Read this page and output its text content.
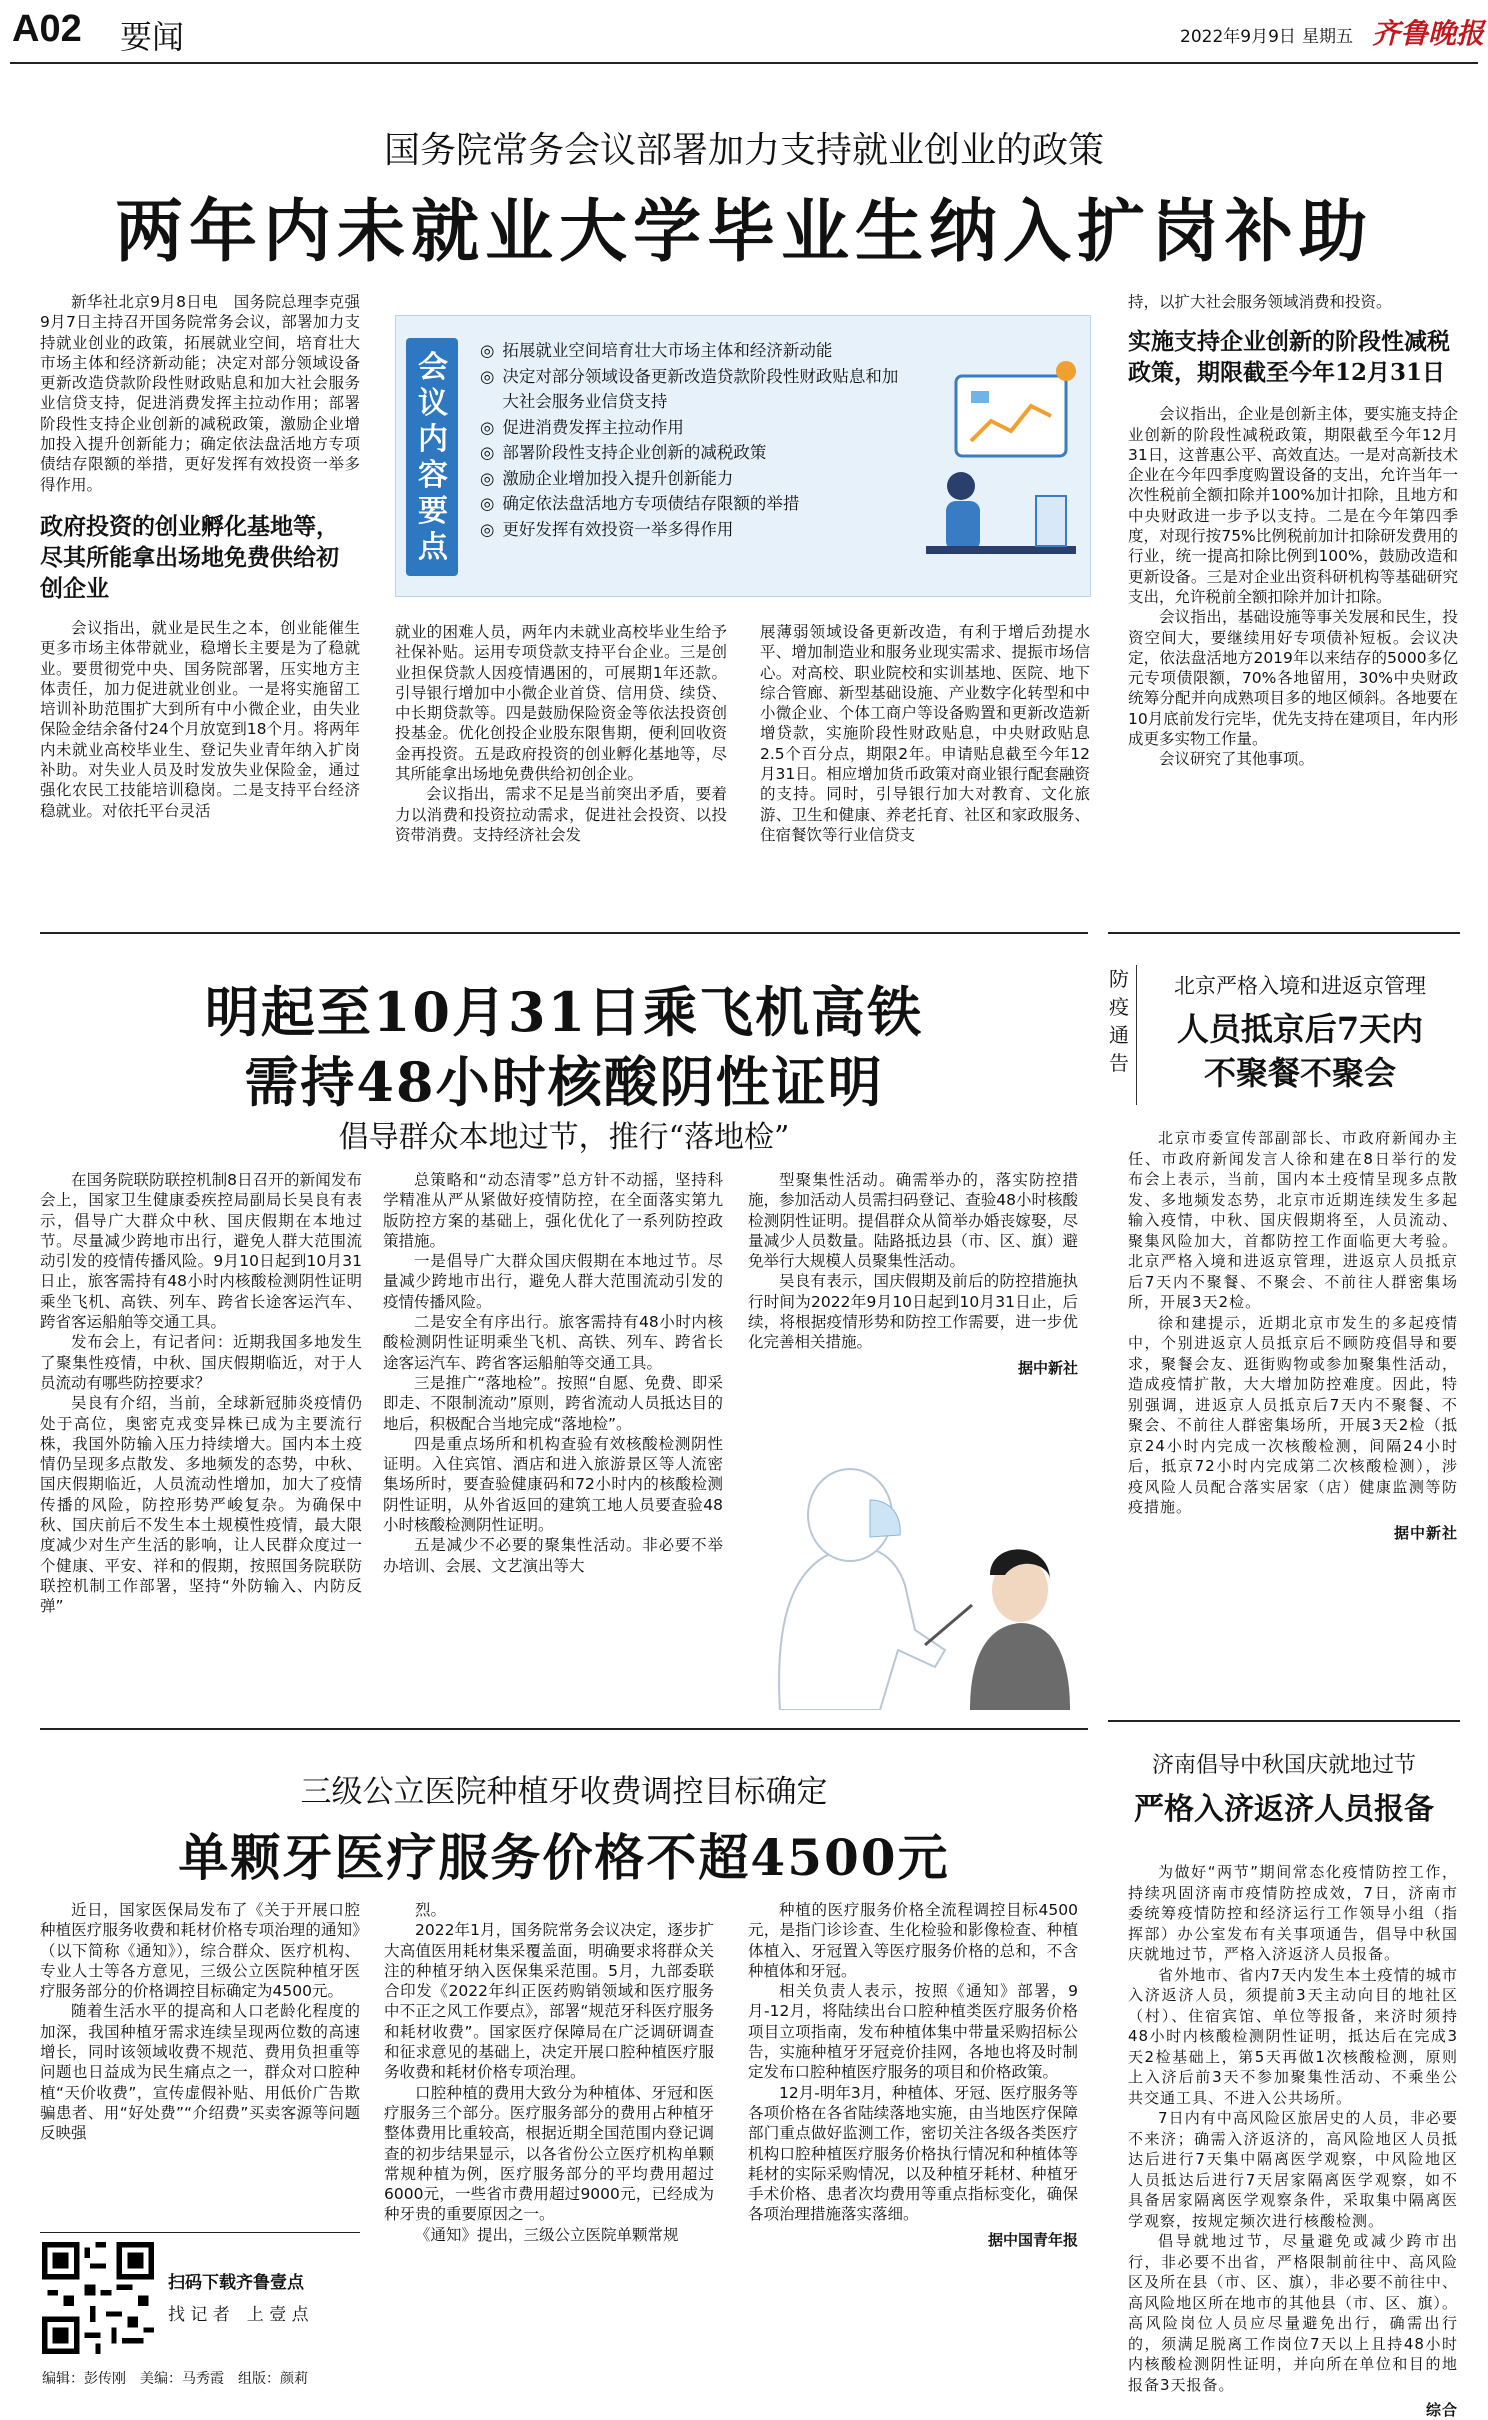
A02 要闻	2022年9月9日 星期五 齐鲁晚报
国务院常务会议部署加力支持就业创业的政策
两年内未就业大学毕业生纳入扩岗补助

新华社北京9月8日电　国务院总理李克强9月7日主持召开国务院常务会议，部署加力支持就业创业的政策，拓展就业空间，培育壮大市场主体和经济新动能；决定对部分领域设备更新改造贷款阶段性财政贴息和加大社会服务业信贷支持，促进消费发挥主拉动作用；部署阶段性支持企业创新的减税政策，激励企业增加投入提升创新能力；确定依法盘活地方专项债结存限额的举措，更好发挥有效投资一举多得作用。

政府投资的创业孵化基地等，尽其所能拿出场地免费供给初创企业

会议指出，就业是民生之本，创业能催生更多市场主体带就业，稳增长主要是为了稳就业。要贯彻党中央、国务院部署，压实地方主体责任，加力促进就业创业。一是将实施留工培训补助范围扩大到所有中小微企业，由失业保险金结余备付24个月放宽到18个月。将两年内未就业高校毕业生、登记失业青年纳入扩岗补助。对失业人员及时发放失业保险金，通过强化农民工技能培训稳岗。二是支持平台经济稳就业。对依托平台灵活

会议内容要点
◎ 拓展就业空间培育壮大市场主体和经济新动能
◎ 决定对部分领域设备更新改造贷款阶段性财政贴息和加大社会服务业信贷支持
◎ 促进消费发挥主拉动作用
◎ 部署阶段性支持企业创新的减税政策
◎ 激励企业增加投入提升创新能力
◎ 确定依法盘活地方专项债结存限额的举措
◎ 更好发挥有效投资一举多得作用

就业的困难人员，两年内未就业高校毕业生给予社保补贴。运用专项贷款支持平台企业。三是创业担保贷款人因疫情遇困的，可展期1年还款。引导银行增加中小微企业首贷、信用贷、续贷、中长期贷款等。四是鼓励保险资金等依法投资创投基金。优化创投企业股东限售期，便利回收资金再投资。五是政府投资的创业孵化基地等，尽其所能拿出场地免费供给初创企业。

会议指出，需求不足是当前突出矛盾，要着力以消费和投资拉动需求，促进社会投资、以投资带消费。支持经济社会发

展薄弱领域设备更新改造，有利于增后劲提水平、增加制造业和服务业现实需求、提振市场信心。对高校、职业院校和实训基地、医院、地下综合管廊、新型基础设施、产业数字化转型和中小微企业、个体工商户等设备购置和更新改造新增贷款，实施阶段性财政贴息，中央财政贴息2.5个百分点，期限2年。申请贴息截至今年12月31日。相应增加货币政策对商业银行配套融资的支持。同时，引导银行加大对教育、文化旅游、卫生和健康、养老托育、社区和家政服务、住宿餐饮等行业信贷支

持，以扩大社会服务领域消费和投资。

实施支持企业创新的阶段性减税政策，期限截至今年12月31日

会议指出，企业是创新主体，要实施支持企业创新的阶段性减税政策，期限截至今年12月31日，这普惠公平、高效直达。一是对高新技术企业在今年四季度购置设备的支出，允许当年一次性税前全额扣除并100%加计扣除，且地方和中央财政进一步予以支持。二是在今年第四季度，对现行按75%比例税前加计扣除研发费用的行业，统一提高扣除比例到100%，鼓励改造和更新设备。三是对企业出资科研机构等基础研究支出，允许税前全额扣除并加计扣除。

会议指出，基础设施等事关发展和民生，投资空间大，要继续用好专项债补短板。会议决定，依法盘活地方2019年以来结存的5000多亿元专项债限额，70%各地留用，30%中央财政统筹分配并向成熟项目多的地区倾斜。各地要在10月底前发行完毕，优先支持在建项目，年内形成更多实物工作量。

会议研究了其他事项。

明起至10月31日乘飞机高铁
需持48小时核酸阴性证明
倡导群众本地过节，推行“落地检”

在国务院联防联控机制8日召开的新闻发布会上，国家卫生健康委疾控局副局长吴良有表示，倡导广大群众中秋、国庆假期在本地过节。尽量减少跨地市出行，避免人群大范围流动引发的疫情传播风险。9月10日起到10月31日止，旅客需持有48小时内核酸检测阴性证明乘坐飞机、高铁、列车、跨省长途客运汽车、跨省客运船舶等交通工具。

发布会上，有记者问：近期我国多地发生了聚集性疫情，中秋、国庆假期临近，对于人员流动有哪些防控要求？

吴良有介绍，当前，全球新冠肺炎疫情仍处于高位，奥密克戎变异株已成为主要流行株，我国外防输入压力持续增大。国内本土疫情仍呈现多点散发、多地频发的态势，中秋、国庆假期临近，人员流动性增加，加大了疫情传播的风险，防控形势严峻复杂。为确保中秋、国庆前后不发生本土规模性疫情，最大限度减少对生产生活的影响，让人民群众度过一个健康、平安、祥和的假期，按照国务院联防联控机制工作部署，坚持“外防输入、内防反弹”

总策略和“动态清零”总方针不动摇，坚持科学精准从严从紧做好疫情防控，在全面落实第九版防控方案的基础上，强化优化了一系列防控政策措施。

一是倡导广大群众国庆假期在本地过节。尽量减少跨地市出行，避免人群大范围流动引发的疫情传播风险。

二是安全有序出行。旅客需持有48小时内核酸检测阴性证明乘坐飞机、高铁、列车、跨省长途客运汽车、跨省客运船舶等交通工具。

三是推广“落地检”。按照“自愿、免费、即采即走、不限制流动”原则，跨省流动人员抵达目的地后，积极配合当地完成“落地检”。

四是重点场所和机构查验有效核酸检测阴性证明。入住宾馆、酒店和进入旅游景区等人流密集场所时，要查验健康码和72小时内的核酸检测阴性证明，从外省返回的建筑工地人员要查验48小时核酸检测阴性证明。

五是减少不必要的聚集性活动。非必要不举办培训、会展、文艺演出等大

型聚集性活动。确需举办的，落实防控措施，参加活动人员需扫码登记、查验48小时核酸检测阴性证明。提倡群众从简举办婚丧嫁娶，尽量减少人员数量。陆路抵边县（市、区、旗）避免举行大规模人员聚集性活动。

吴良有表示，国庆假期及前后的防控措施执行时间为2022年9月10日起到10月31日止，后续，将根据疫情形势和防控工作需要，进一步优化完善相关措施。

据中新社
防疫通告
北京严格入境和进返京管理
人员抵京后7天内
不聚餐不聚会

北京市委宣传部副部长、市政府新闻办主任、市政府新闻发言人徐和建在8日举行的发布会上表示，当前，国内本土疫情呈现多点散发、多地频发态势，北京市近期连续发生多起输入疫情，中秋、国庆假期将至，人员流动、聚集风险加大，首都防控工作面临更大考验。北京严格入境和进返京管理，进返京人员抵京后7天内不聚餐、不聚会、不前往人群密集场所，开展3天2检。

徐和建提示，近期北京市发生的多起疫情中，个别进返京人员抵京后不顾防疫倡导和要求，聚餐会友、逛街购物或参加聚集性活动，造成疫情扩散，大大增加防控难度。因此，特别强调，进返京人员抵京后7天内不聚餐、不聚会、不前往人群密集场所，开展3天2检（抵京24小时内完成一次核酸检测，间隔24小时后，抵京72小时内完成第二次核酸检测），涉疫风险人员配合落实居家（店）健康监测等防疫措施。

据中新社
济南倡导中秋国庆就地过节
严格入济返济人员报备

为做好“两节”期间常态化疫情防控工作，持续巩固济南市疫情防控成效，7日，济南市委统筹疫情防控和经济运行工作领导小组（指挥部）办公室发布有关事项通告，倡导中秋国庆就地过节，严格入济返济人员报备。

省外地市、省内7天内发生本土疫情的城市入济返济人员，须提前3天主动向目的地社区（村）、住宿宾馆、单位等报备，来济时须持48小时内核酸检测阴性证明，抵达后在完成3天2检基础上，第5天再做1次核酸检测，原则上入济后前3天不参加聚集性活动、不乘坐公共交通工具、不进入公共场所。

7日内有中高风险区旅居史的人员，非必要不来济；确需入济返济的，高风险地区人员抵达后进行7天集中隔离医学观察，中风险地区人员抵达后进行7天居家隔离医学观察，如不具备居家隔离医学观察条件，采取集中隔离医学观察，按规定频次进行核酸检测。

倡导就地过节，尽量避免或减少跨市出行，非必要不出省，严格限制前往中、高风险区及所在县（市、区、旗），非必要不前往中、高风险地区所在地市的其他县（市、区、旗）。高风险岗位人员应尽量避免出行，确需出行的，须满足脱离工作岗位7天以上且持48小时内核酸检测阴性证明，并向所在单位和目的地报备3天报备。

综合
三级公立医院种植牙收费调控目标确定
单颗牙医疗服务价格不超4500元

近日，国家医保局发布了《关于开展口腔种植医疗服务收费和耗材价格专项治理的通知》（以下简称《通知》），综合群众、医疗机构、专业人士等各方意见，三级公立医院种植牙医疗服务部分的价格调控目标确定为4500元。

随着生活水平的提高和人口老龄化程度的加深，我国种植牙需求连续呈现两位数的高速增长，同时该领域收费不规范、费用负担重等问题也日益成为民生痛点之一，群众对口腔种植“天价收费”，宣传虚假补贴、用低价广告欺骗患者、用“好处费”“介绍费”买卖客源等问题反映强

烈。

2022年1月，国务院常务会议决定，逐步扩大高值医用耗材集采覆盖面，明确要求将群众关注的种植牙纳入医保集采范围。5月，九部委联合印发《2022年纠正医药购销领域和医疗服务中不正之风工作要点》，部署“规范牙科医疗服务和耗材收费”。国家医疗保障局在广泛调研调查和征求意见的基础上，决定开展口腔种植医疗服务收费和耗材价格专项治理。

口腔种植的费用大致分为种植体、牙冠和医疗服务三个部分。医疗服务部分的费用占种植牙整体费用比重较高，根据近期全国范围内登记调查的初步结果显示，以各省份公立医疗机构单颗常规种植为例，医疗服务部分的平均费用超过6000元，一些省市费用超过9000元，已经成为种牙贵的重要原因之一。

《通知》提出，三级公立医院单颗常规

种植的医疗服务价格全流程调控目标4500元，是指门诊诊查、生化检验和影像检查、种植体植入、牙冠置入等医疗服务价格的总和，不含种植体和牙冠。

相关负责人表示，按照《通知》部署，9月-12月，将陆续出台口腔种植类医疗服务价格项目立项指南，发布种植体集中带量采购招标公告，实施种植牙牙冠竞价挂网，各地也将及时制定发布口腔种植医疗服务的项目和价格政策。

12月-明年3月，种植体、牙冠、医疗服务等各项价格在各省陆续落地实施，由当地医疗保障部门重点做好监测工作，密切关注各级各类医疗机构口腔种植医疗服务价格执行情况和种植体等耗材的实际采购情况，以及种植牙耗材、种植牙手术价格、患者次均费用等重点指标变化，确保各项治理措施落实落细。

据中国青年报
扫码下载齐鲁壹点
找 记 者　上 壹 点
编辑：彭传刚　美编：马秀霞　组版：颜莉
